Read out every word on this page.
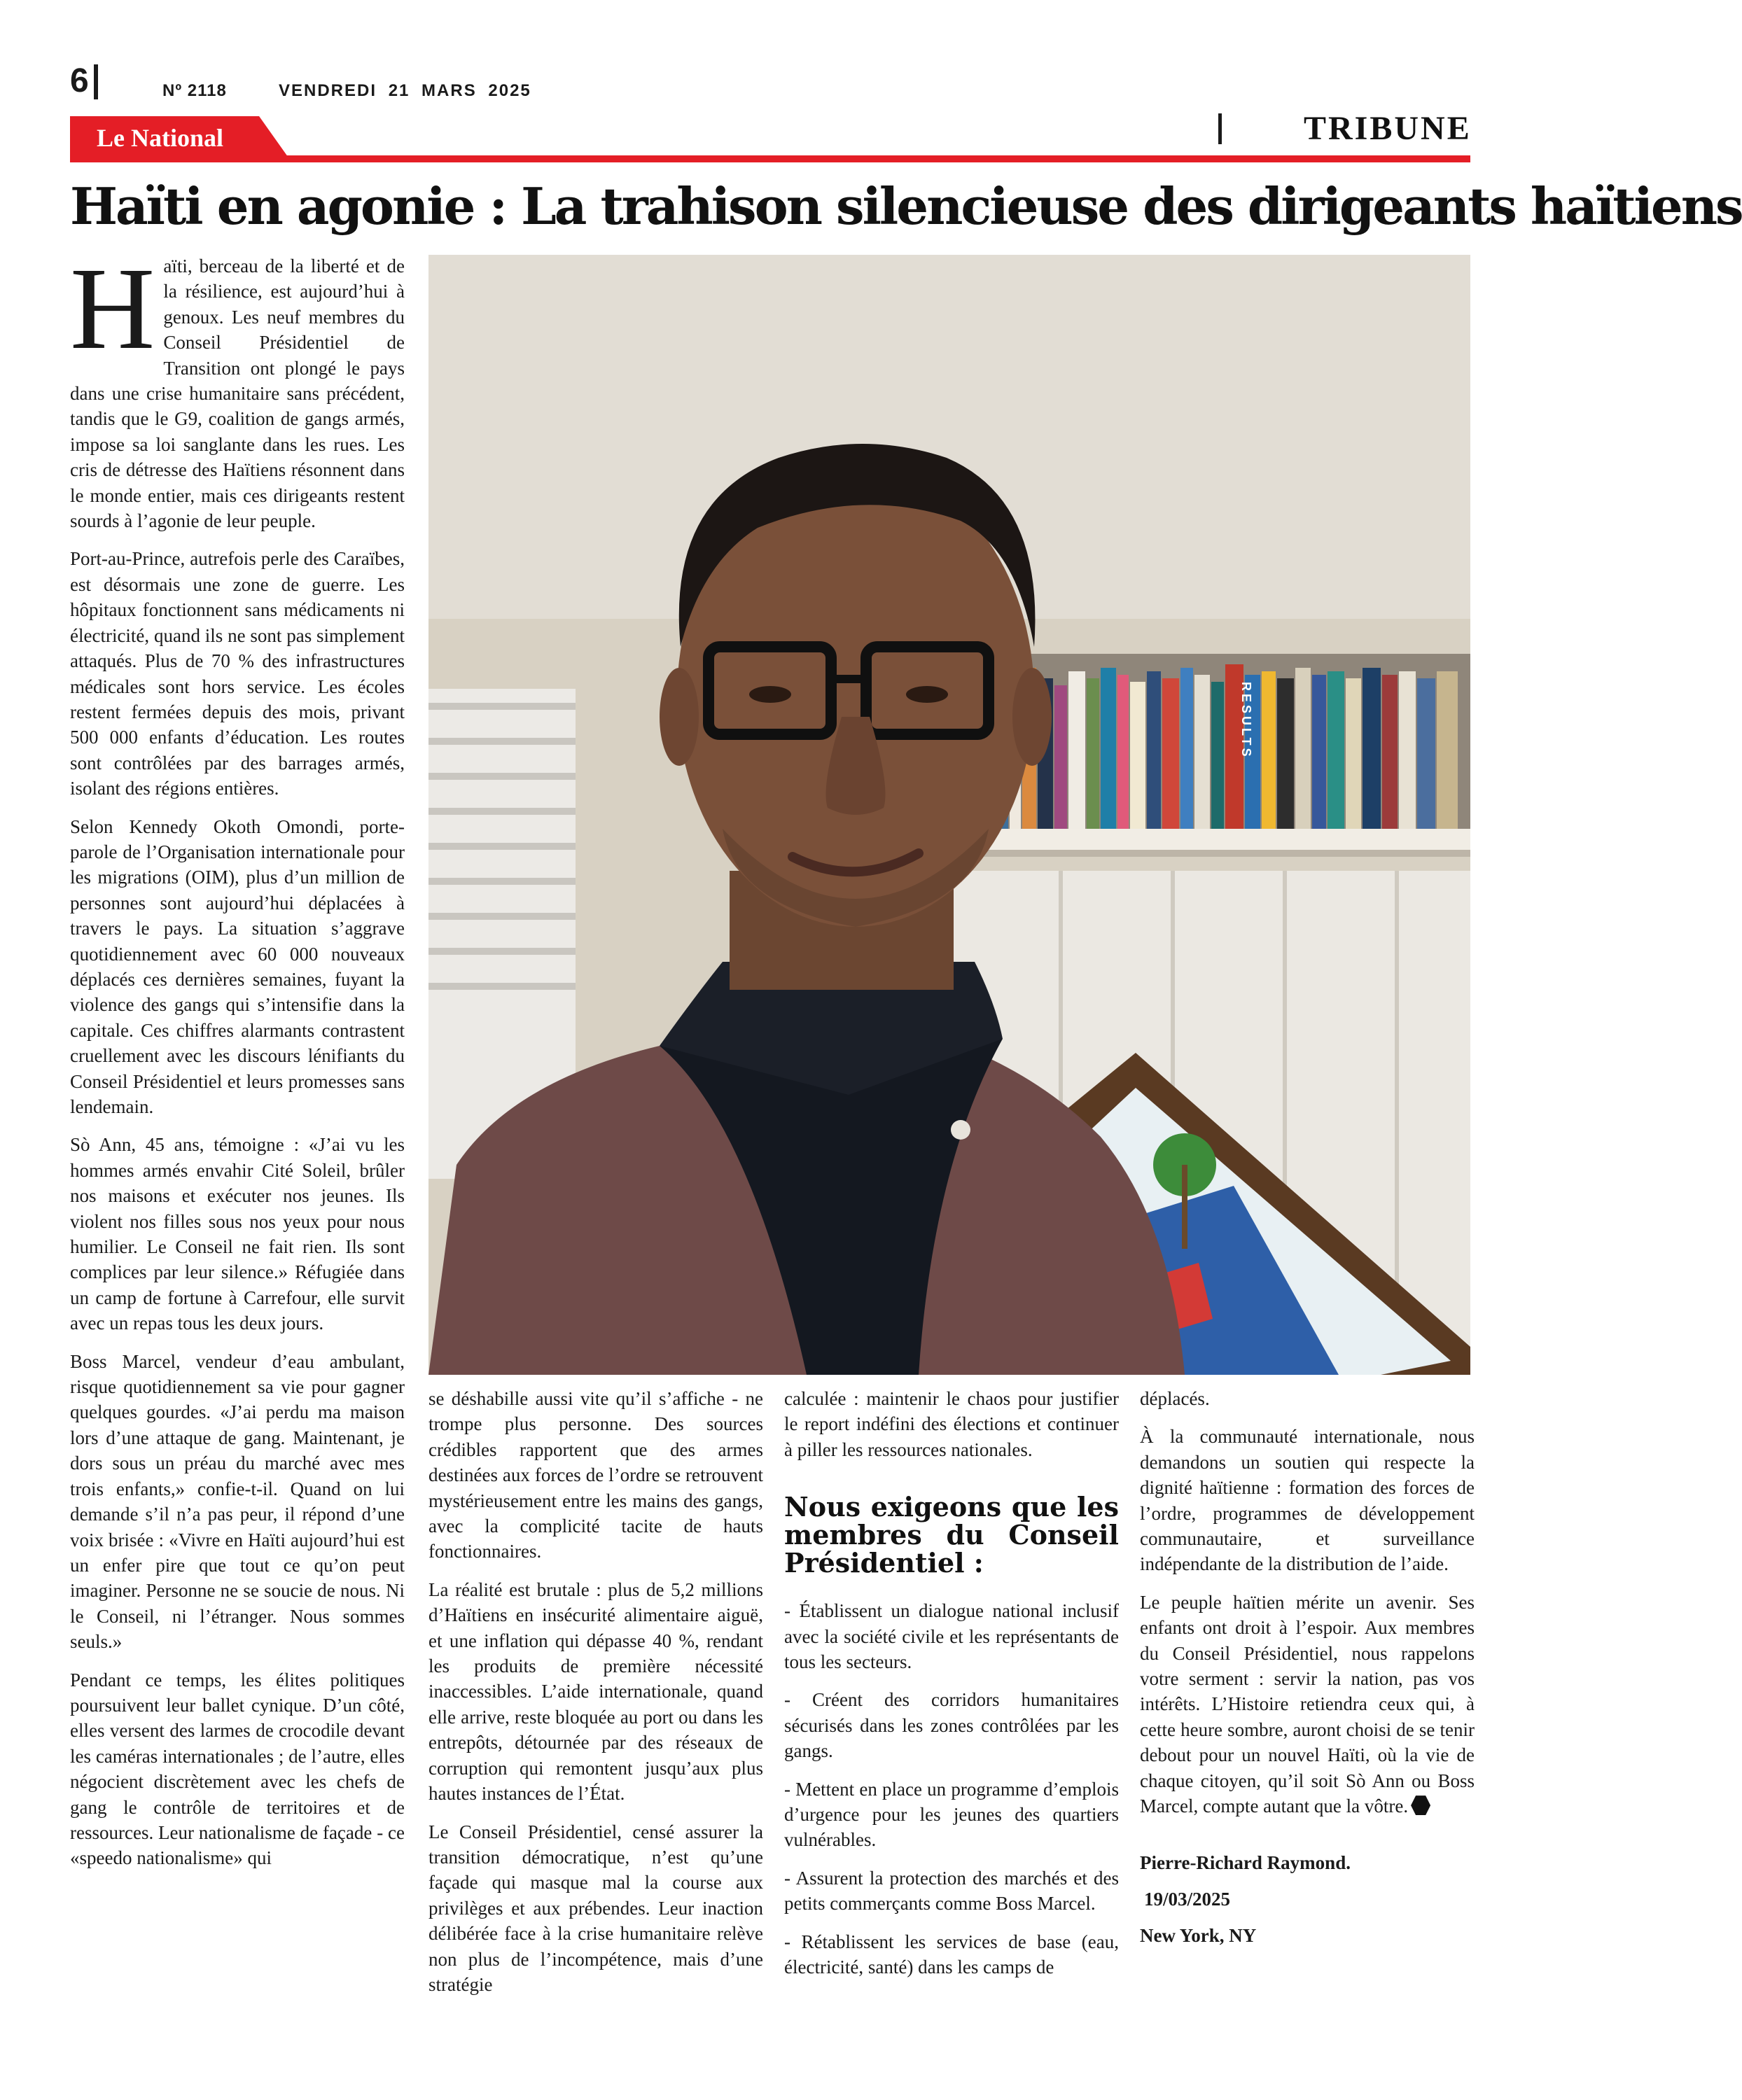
6	Nº 2118	VENDREDI 21 MARS 2025
Le National	TRIBUNE
Haïti en agonie : La trahison silencieuse des dirigeants haïtiens

Haïti, berceau de la liberté et de la résilience, est aujourd’hui à genoux. Les neuf membres du Conseil Présidentiel de Transition ont plongé le pays dans une crise humanitaire sans précédent, tandis que le G9, coalition de gangs armés, impose sa loi sanglante dans les rues. Les cris de détresse des Haïtiens résonnent dans le monde entier, mais ces dirigeants restent sourds à l’agonie de leur peuple.

Port-au-Prince, autrefois perle des Caraïbes, est désormais une zone de guerre. Les hôpitaux fonctionnent sans médicaments ni électricité, quand ils ne sont pas simplement attaqués. Plus de 70 % des infrastructures médicales sont hors service. Les écoles restent fermées depuis des mois, privant 500 000 enfants d’éducation. Les routes sont contrôlées par des barrages armés, isolant des régions entières.

Selon Kennedy Okoth Omondi, porte-parole de l’Organisation internationale pour les migrations (OIM), plus d’un million de personnes sont aujourd’hui déplacées à travers le pays. La situation s’aggrave quotidiennement avec 60 000 nouveaux déplacés ces dernières semaines, fuyant la violence des gangs qui s’intensifie dans la capitale. Ces chiffres alarmants contrastent cruellement avec les discours lénifiants du Conseil Présidentiel et leurs promesses sans lendemain.

Sò Ann, 45 ans, témoigne : «J’ai vu les hommes armés envahir Cité Soleil, brûler nos maisons et exécuter nos jeunes. Ils violent nos filles sous nos yeux pour nous humilier. Le Conseil ne fait rien. Ils sont complices par leur silence.» Réfugiée dans un camp de fortune à Carrefour, elle survit avec un repas tous les deux jours.

Boss Marcel, vendeur d’eau ambulant, risque quotidiennement sa vie pour gagner quelques gourdes. «J’ai perdu ma maison lors d’une attaque de gang. Maintenant, je dors sous un préau du marché avec mes trois enfants,» confie-t-il. Quand on lui demande s’il n’a pas peur, il répond d’une voix brisée : «Vivre en Haïti aujourd’hui est un enfer pire que tout ce qu’on peut imaginer. Personne ne se soucie de nous. Ni le Conseil, ni l’étranger. Nous sommes seuls.»

Pendant ce temps, les élites politiques poursuivent leur ballet cynique. D’un côté, elles versent des larmes de crocodile devant les caméras internationales ; de l’autre, elles négocient discrètement avec les chefs de gang le contrôle de territoires et de ressources. Leur nationalisme de façade - ce «speedo nationalisme» qui

RESULTS

se déshabille aussi vite qu’il s’affiche - ne trompe plus personne. Des sources crédibles rapportent que des armes destinées aux forces de l’ordre se retrouvent mystérieusement entre les mains des gangs, avec la complicité tacite de hauts fonctionnaires.

La réalité est brutale : plus de 5,2 millions d’Haïtiens en insécurité alimentaire aiguë, et une inflation qui dépasse 40 %, rendant les produits de première nécessité inaccessibles. L’aide internationale, quand elle arrive, reste bloquée au port ou dans les entrepôts, détournée par des réseaux de corruption qui remontent jusqu’aux plus hautes instances de l’État.

Le Conseil Présidentiel, censé assurer la transition démocratique, n’est qu’une façade qui masque mal la course aux privilèges et aux prébendes. Leur inaction délibérée face à la crise humanitaire relève non plus de l’incompétence, mais d’une stratégie

calculée : maintenir le chaos pour justifier le report indéfini des élections et continuer à piller les ressources nationales.

Nous exigeons que les membres du Conseil Présidentiel :

- Établissent un dialogue national inclusif avec la société civile et les représentants de tous les secteurs.

- Créent des corridors humanitaires sécurisés dans les zones contrôlées par les gangs.

- Mettent en place un programme d’emplois d’urgence pour les jeunes des quartiers vulnérables.

- Assurent la protection des marchés et des petits commerçants comme Boss Marcel.

- Rétablissent les services de base (eau, électricité, santé) dans les camps de

déplacés.

À la communauté internationale, nous demandons un soutien qui respecte la dignité haïtienne : formation des forces de l’ordre, programmes de développement communautaire, et surveillance indépendante de la distribution de l’aide.

Le peuple haïtien mérite un avenir. Ses enfants ont droit à l’espoir. Aux membres du Conseil Présidentiel, nous rappelons votre serment : servir la nation, pas vos intérêts. L’Histoire retiendra ceux qui, à cette heure sombre, auront choisi de se tenir debout pour un nouvel Haïti, où la vie de chaque citoyen, qu’il soit Sò Ann ou Boss Marcel, compte autant que la vôtre.

Pierre-Richard Raymond.
19/03/2025
New York, NY
